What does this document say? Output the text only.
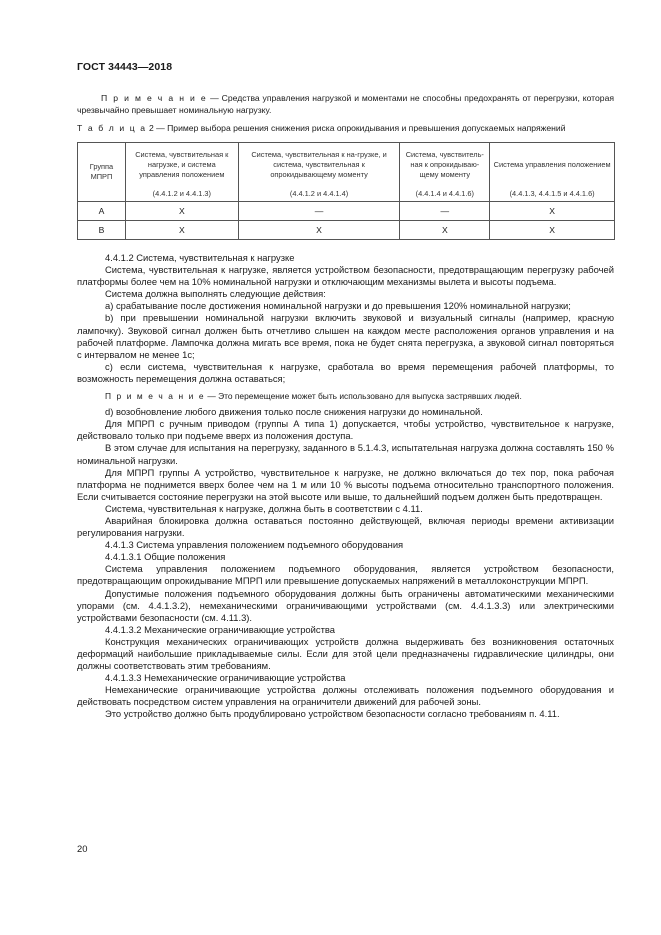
ГОСТ 34443—2018
П р и м е ч а н и е — Средства управления нагрузкой и моментами не способны предохранять от перегрузки, которая чрезвычайно превышает номинальную нагрузку.
Т а б л и ц а 2 — Пример выбора решения снижения риска опрокидывания и превышения допускаемых напряжений
Группа МПРП	Система, чувствительная к нагрузке, и система управления положением	Система, чувствительная к на-грузке, и система, чувствительная к опрокидывающему моменту	Система, чувствитель-ная к опрокидываю-щему моменту	Система управления положением
	(4.4.1.2 и 4.4.1.3)	(4.4.1.2 и 4.4.1.4)	(4.4.1.4 и 4.4.1.6)	(4.4.1.3, 4.4.1.5 и 4.4.1.6)
А	Х	—	—	Х
В	Х	Х	Х	Х

4.4.1.2 Система, чувствительная к нагрузке

Система, чувствительная к нагрузке, является устройством безопасности, предотвращающим перегрузку рабочей платформы более чем на 10% номинальной нагрузки и отключающим механизмы вылета и высоты подъема.

Система должна выполнять следующие действия:

а) срабатывание после достижения номинальной нагрузки и до превышения 120% номинальной нагрузки;

b) при превышении номинальной нагрузки включить звуковой и визуальный сигналы (например, красную лампочку). Звуковой сигнал должен быть отчетливо слышен на каждом месте расположения органов управления и на рабочей платформе. Лампочка должна мигать все время, пока не будет снята перегрузка, а звуковой сигнал повторяться с интервалом не менее 1с;

с) если система, чувствительная к нагрузке, сработала во время перемещения рабочей платформы, то возможность перемещения должна оставаться;

П р и м е ч а н и е — Это перемещение может быть использовано для выпуска застрявших людей.

d) возобновление любого движения только после снижения нагрузки до номинальной.

Для МПРП с ручным приводом (группы А типа 1) допускается, чтобы устройство, чувствительное к нагрузке, действовало только при подъеме вверх из положения доступа.

В этом случае для испытания на перегрузку, заданного в 5.1.4.3, испытательная нагрузка должна составлять 150 % номинальной нагрузки.

Для МПРП группы А устройство, чувствительное к нагрузке, не должно включаться до тех пор, пока рабочая платформа не поднимется вверх более чем на 1 м или 10 % высоты подъема относительно транспортного положения. Если считывается состояние перегрузки на этой высоте или выше, то дальнейший подъем должен быть предотвращен.

Система, чувствительная к нагрузке, должна быть в соответствии с 4.11.

Аварийная блокировка должна оставаться постоянно действующей, включая периоды времени активизации регулирования нагрузки.

4.4.1.3 Система управления положением подъемного оборудования

4.4.1.3.1 Общие положения

Система управления положением подъемного оборудования, является устройством безопасности, предотвращающим опрокидывание МПРП или превышение допускаемых напряжений в металлоконструкции МПРП.

Допустимые положения подъемного оборудования должны быть ограничены автоматическими механическими упорами (см. 4.4.1.3.2), немеханическими ограничивающими устройствами (см. 4.4.1.3.3) или электрическими устройствами безопасности (см. 4.11.3).

4.4.1.3.2 Механические ограничивающие устройства

Конструкция механических ограничивающих устройств должна выдерживать без возникновения остаточных деформаций наибольшие прикладываемые силы. Если для этой цели предназначены гидравлические цилиндры, они должны соответствовать этим требованиям.

4.4.1.3.3 Немеханические ограничивающие устройства

Немеханические ограничивающие устройства должны отслеживать положения подъемного оборудования и действовать посредством систем управления на ограничители движений для рабочей зоны.

Это устройство должно быть продублировано устройством безопасности согласно требованиям п. 4.11.

20
